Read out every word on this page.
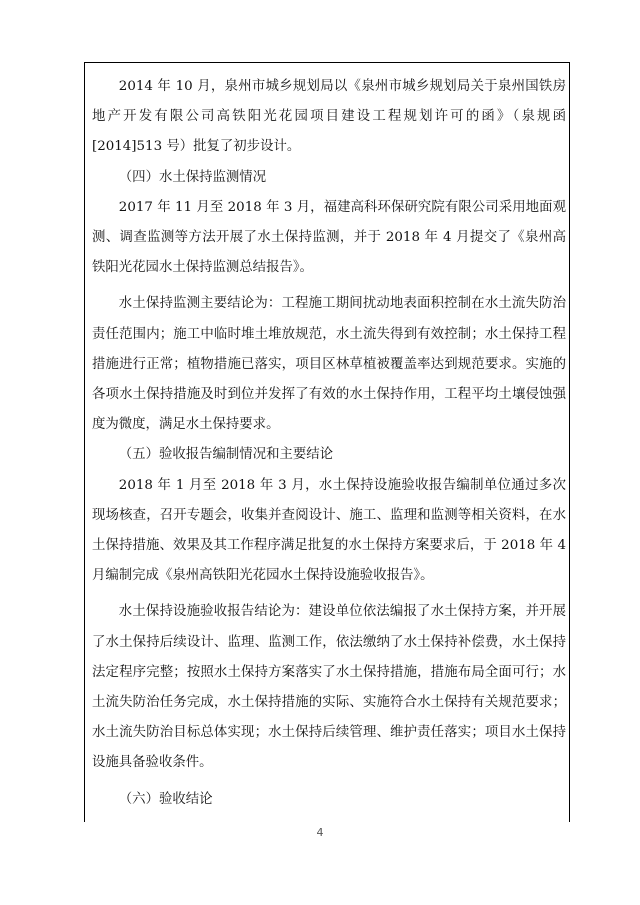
2014 年 10 月，泉州市城乡规划局以《泉州市城乡规划局关于泉州国铁房地产开发有限公司高铁阳光花园项目建设工程规划许可的函》（泉规函[2014]513 号）批复了初步设计。

（四）水土保持监测情况

2017 年 11 月至 2018 年 3 月，福建高科环保研究院有限公司采用地面观测、调查监测等方法开展了水土保持监测，并于 2018 年 4 月提交了《泉州高铁阳光花园水土保持监测总结报告》。

水土保持监测主要结论为：工程施工期间扰动地表面积控制在水土流失防治责任范围内；施工中临时堆土堆放规范，水土流失得到有效控制；水土保持工程措施进行正常；植物措施已落实，项目区林草植被覆盖率达到规范要求。实施的各项水土保持措施及时到位并发挥了有效的水土保持作用，工程平均土壤侵蚀强度为微度，满足水土保持要求。

（五）验收报告编制情况和主要结论

2018 年 1 月至 2018 年 3 月，水土保持设施验收报告编制单位通过多次现场核查，召开专题会，收集并查阅设计、施工、监理和监测等相关资料，在水土保持措施、效果及其工作程序满足批复的水土保持方案要求后，于 2018 年 4 月编制完成《泉州高铁阳光花园水土保持设施验收报告》。

水土保持设施验收报告结论为：建设单位依法编报了水土保持方案，并开展了水土保持后续设计、监理、监测工作，依法缴纳了水土保持补偿费，水土保持法定程序完整；按照水土保持方案落实了水土保持措施，措施布局全面可行；水土流失防治任务完成，水土保持措施的实际、实施符合水土保持有关规范要求；水土流失防治目标总体实现；水土保持后续管理、维护责任落实；项目水土保持设施具备验收条件。

（六）验收结论

4
